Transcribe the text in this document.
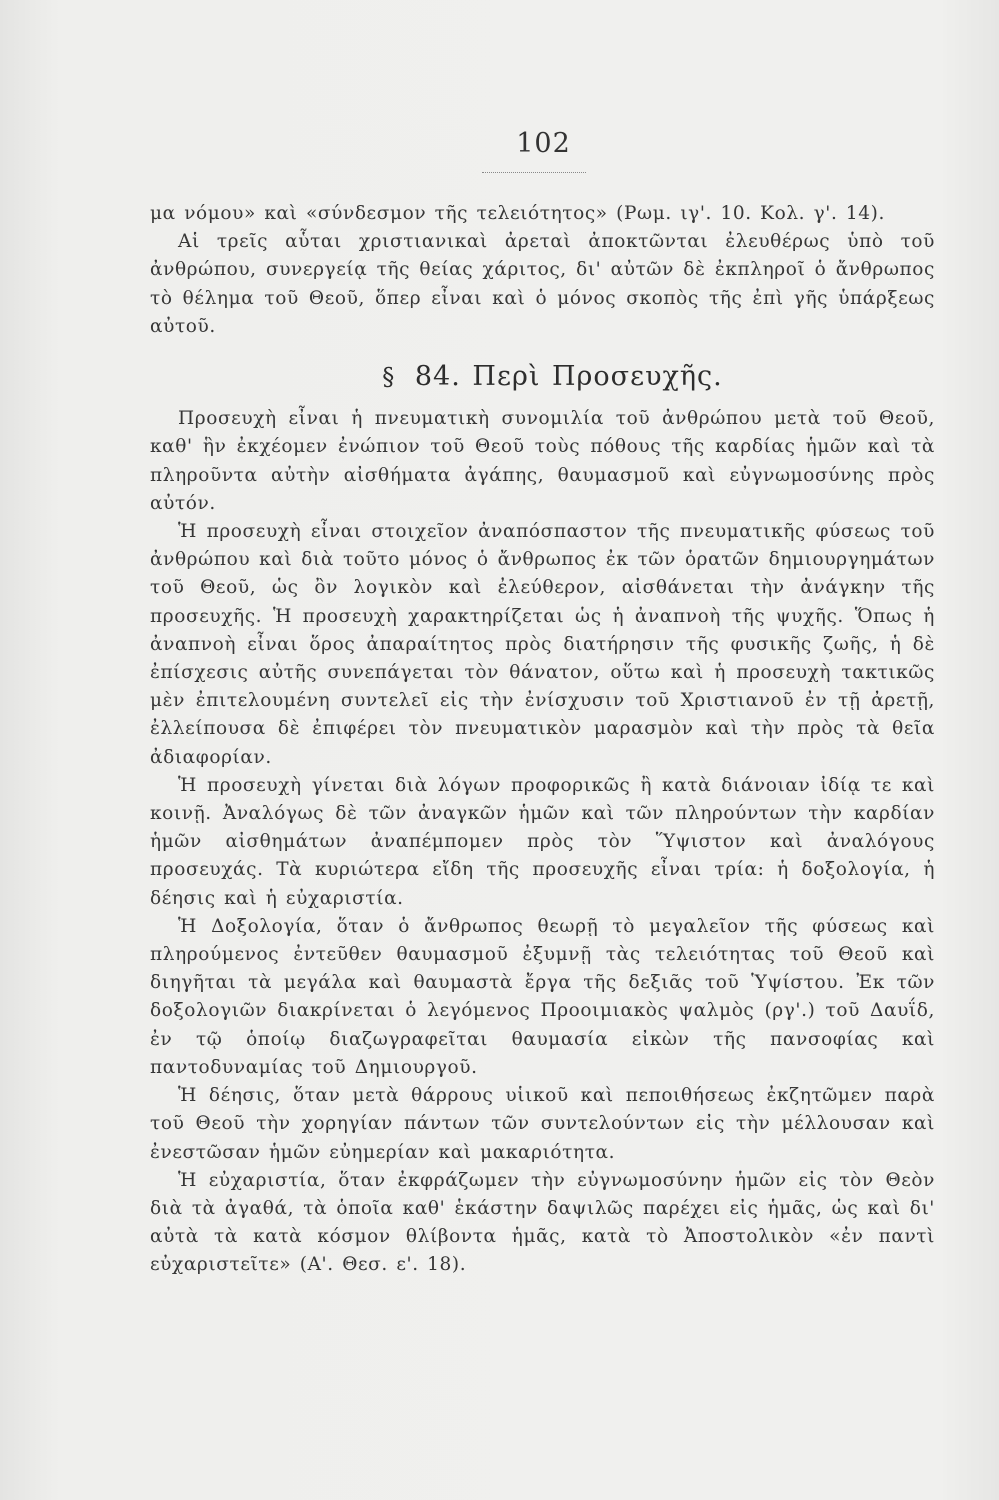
102

μα νόμου» καὶ «σύνδεσμον τῆς τελειότητος» (Ρωμ. ιγ'. 10. Κολ. γ'. 14).

Αἱ τρεῖς αὗται χριστιανικαὶ ἀρεταὶ ἀποκτῶνται ἐλευθέρως ὑπὸ τοῦ ἀνθρώπου, συνεργείᾳ τῆς θείας χάριτος, δι' αὐτῶν δὲ ἐκπληροῖ ὁ ἄνθρωπος τὸ θέλημα τοῦ Θεοῦ, ὅπερ εἶναι καὶ ὁ μόνος σκοπὸς τῆς ἐπὶ γῆς ὑπάρξεως αὐτοῦ.

§ 84. Περὶ Προσευχῆς.

Προσευχὴ εἶναι ἡ πνευματικὴ συνομιλία τοῦ ἀνθρώπου μετὰ τοῦ Θεοῦ, καθ' ἣν ἐκχέομεν ἐνώπιον τοῦ Θεοῦ τοὺς πόθους τῆς καρδίας ἡμῶν καὶ τὰ πληροῦντα αὐτὴν αἰσθήματα ἀγάπης, θαυμασμοῦ καὶ εὐγνωμοσύνης πρὸς αὐτόν.

Ἡ προσευχὴ εἶναι στοιχεῖον ἀναπόσπαστον τῆς πνευματικῆς φύσεως τοῦ ἀνθρώπου καὶ διὰ τοῦτο μόνος ὁ ἄνθρωπος ἐκ τῶν ὁρατῶν δημιουργημάτων τοῦ Θεοῦ, ὡς ὂν λογικὸν καὶ ἐλεύθερον, αἰσθάνεται τὴν ἀνάγκην τῆς προσευχῆς. Ἡ προσευχὴ χαρακτηρίζεται ὡς ἡ ἀναπνοὴ τῆς ψυχῆς. Ὅπως ἡ ἀναπνοὴ εἶναι ὅρος ἀπαραίτητος πρὸς διατήρησιν τῆς φυσικῆς ζωῆς, ἡ δὲ ἐπίσχεσις αὐτῆς συνεπάγεται τὸν θάνατον, οὕτω καὶ ἡ προσευχὴ τακτικῶς μὲν ἐπιτελουμένη συντελεῖ εἰς τὴν ἐνίσχυσιν τοῦ Χριστιανοῦ ἐν τῇ ἀρετῇ, ἐλλείπουσα δὲ ἐπιφέρει τὸν πνευματικὸν μαρασμὸν καὶ τὴν πρὸς τὰ θεῖα ἀδιαφορίαν.

Ἡ προσευχὴ γίνεται διὰ λόγων προφορικῶς ἢ κατὰ διάνοιαν ἰδίᾳ τε καὶ κοινῇ. Ἀναλόγως δὲ τῶν ἀναγκῶν ἡμῶν καὶ τῶν πληρούντων τὴν καρδίαν ἡμῶν αἰσθημάτων ἀναπέμπομεν πρὸς τὸν Ὕψιστον καὶ ἀναλόγους προσευχάς. Τὰ κυριώτερα εἴδη τῆς προσευχῆς εἶναι τρία: ἡ δοξολογία, ἡ δέησις καὶ ἡ εὐχαριστία.

Ἡ Δοξολογία, ὅταν ὁ ἄνθρωπος θεωρῇ τὸ μεγαλεῖον τῆς φύσεως καὶ πληρούμενος ἐντεῦθεν θαυμασμοῦ ἐξυμνῇ τὰς τελειότητας τοῦ Θεοῦ καὶ διηγῆται τὰ μεγάλα καὶ θαυμαστὰ ἔργα τῆς δεξιᾶς τοῦ Ὑψίστου. Ἐκ τῶν δοξολογιῶν διακρίνεται ὁ λεγόμενος Προοιμιακὸς ψαλμὸς (ργ'.) τοῦ Δαυΐδ, ἐν τῷ ὁποίῳ διαζωγραφεῖται θαυμασία εἰκὼν τῆς πανσοφίας καὶ παντοδυναμίας τοῦ Δημιουργοῦ.

Ἡ δέησις, ὅταν μετὰ θάρρους υἱικοῦ καὶ πεποιθήσεως ἐκζητῶμεν παρὰ τοῦ Θεοῦ τὴν χορηγίαν πάντων τῶν συντελούντων εἰς τὴν μέλλουσαν καὶ ἐνεστῶσαν ἡμῶν εὐημερίαν καὶ μακαριότητα.

Ἡ εὐχαριστία, ὅταν ἐκφράζωμεν τὴν εὐγνωμοσύνην ἡμῶν εἰς τὸν Θεὸν διὰ τὰ ἀγαθά, τὰ ὁποῖα καθ' ἑκάστην δαψιλῶς παρέχει εἰς ἡμᾶς, ὡς καὶ δι' αὐτὰ τὰ κατὰ κόσμον θλίβοντα ἡμᾶς, κατὰ τὸ Ἀποστολικὸν «ἐν παντὶ εὐχαριστεῖτε» (Α'. Θεσ. ε'. 18).
